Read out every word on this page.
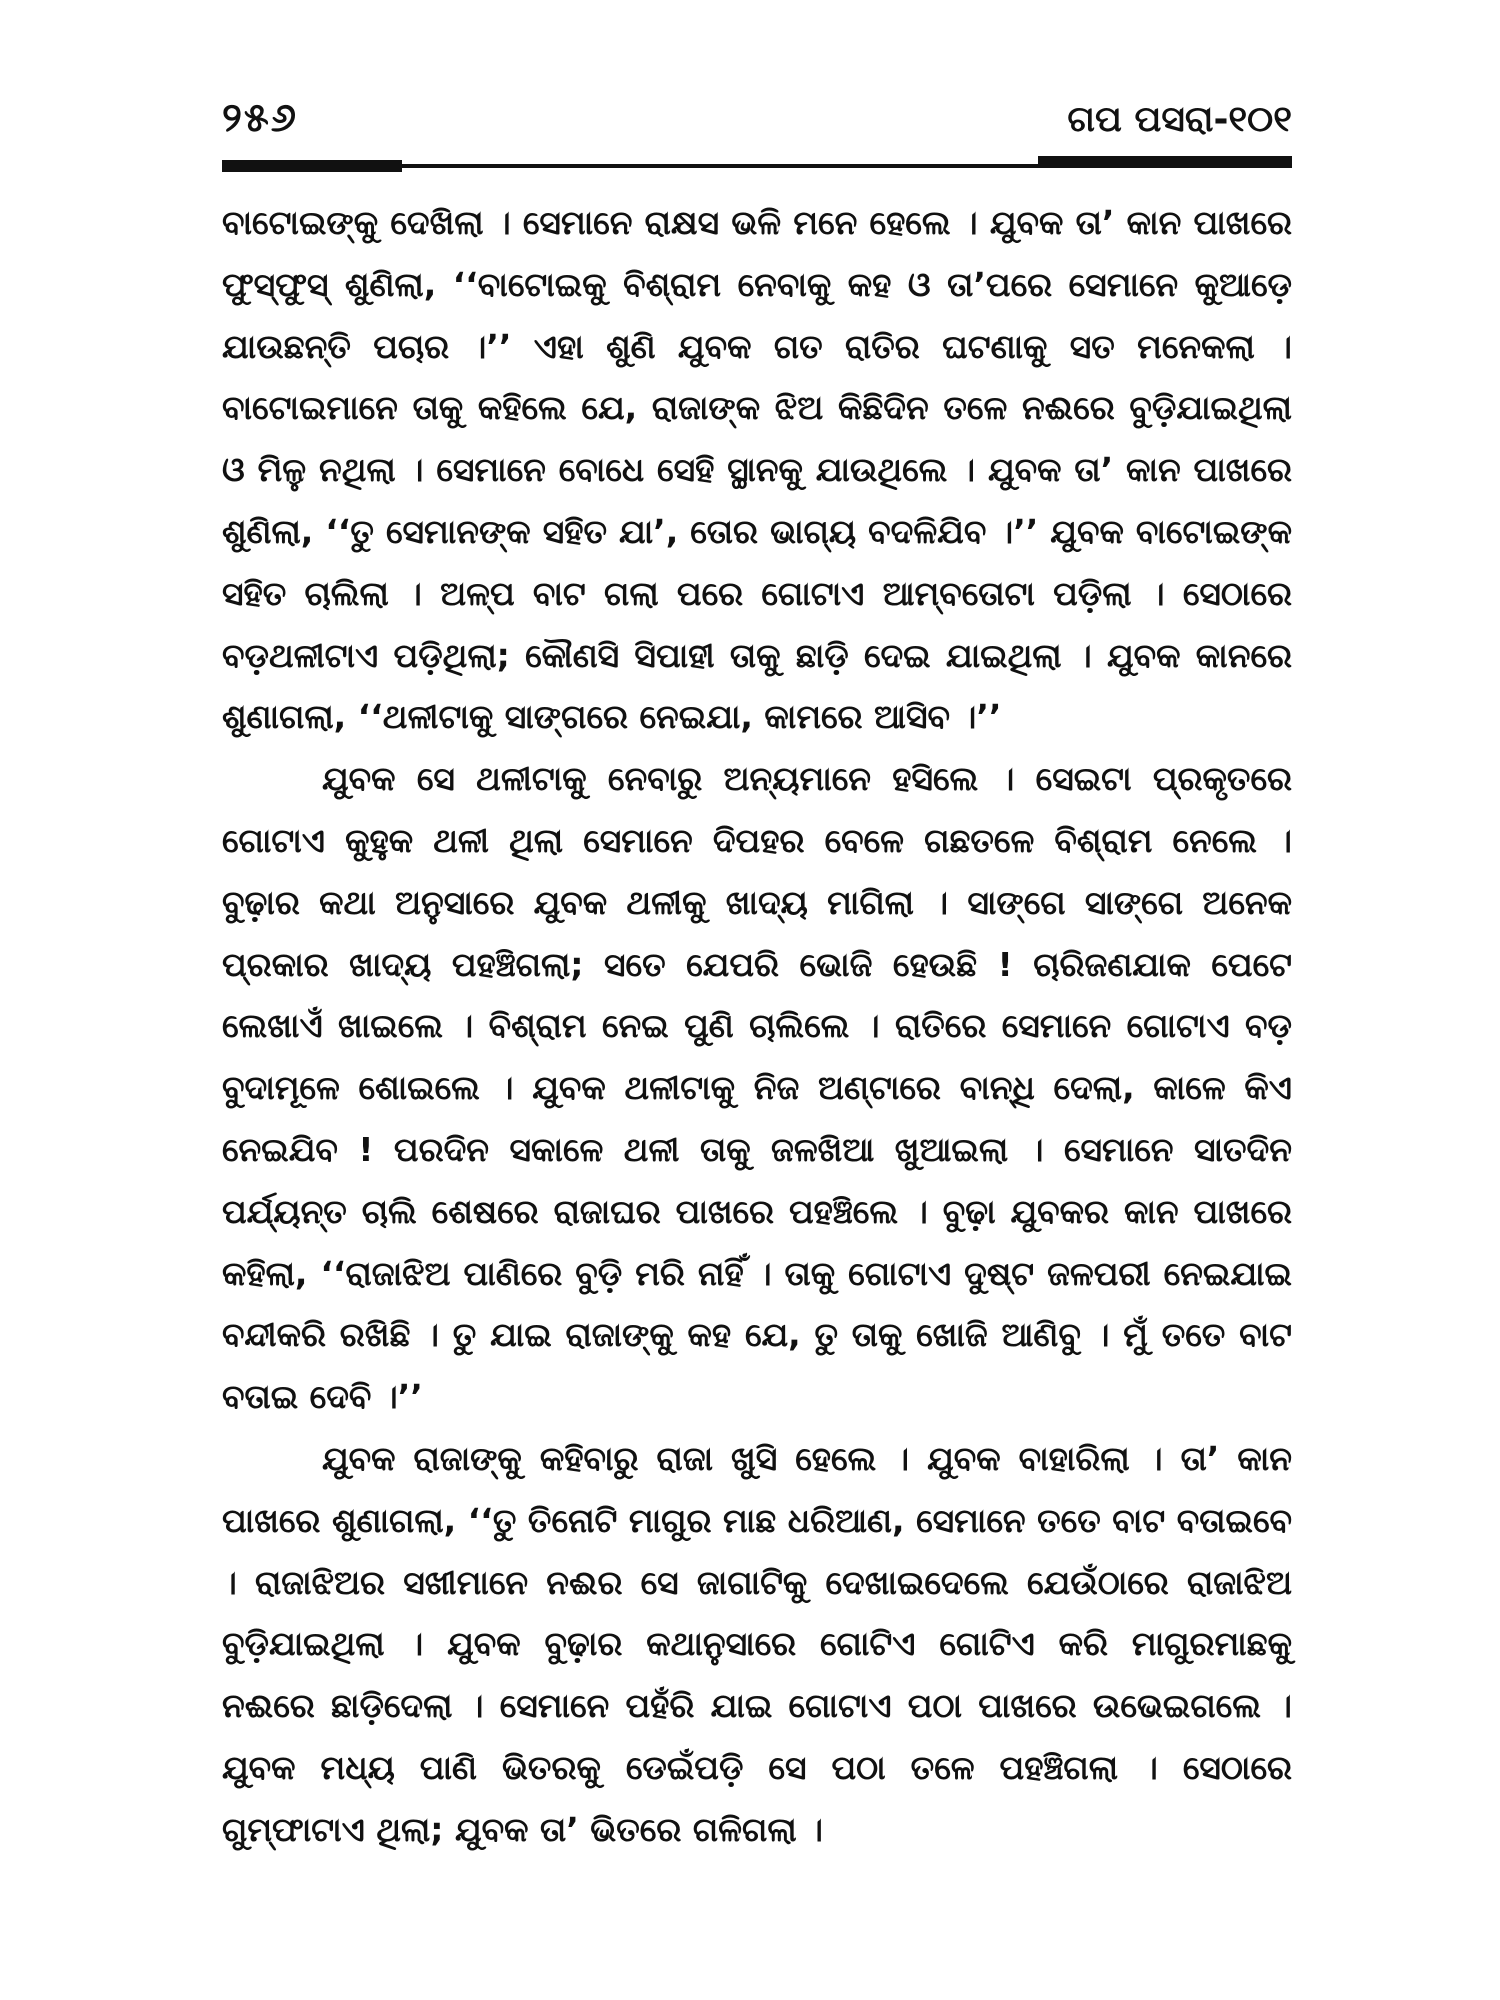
୨୫୬	ଗପ ପସରା-୧୦୧

ବାଟୋଇଙ୍କୁ ଦେଖିଲା । ସେମାନେ ରାକ୍ଷସ ଭଳି ମନେ ହେଲେ । ଯୁବକ ତା’ କାନ ପାଖରେ ଫୁସ୍‌ଫୁସ୍ ଶୁଣିଲା, ‘‘ବାଟୋଇକୁ ବିଶ୍ରାମ ନେବାକୁ କହ ଓ ତା’ପରେ ସେମାନେ କୁଆଡ଼େ ଯାଉଛନ୍ତି ପଚାର ।’’ ଏହା ଶୁଣି ଯୁବକ ଗତ ରାତିର ଘଟଣାକୁ ସତ ମନେକଲା । ବାଟୋଇମାନେ ତାକୁ କହିଲେ ଯେ, ରାଜାଙ୍କ ଝିଅ କିଛିଦିନ ତଳେ ନଈରେ ବୁଡ଼ିଯାଇଥିଲା ଓ ମିଳୁ ନଥିଲା । ସେମାନେ ବୋଧେ ସେହି ସ୍ଥାନକୁ ଯାଉଥିଲେ । ଯୁବକ ତା’ କାନ ପାଖରେ ଶୁଣିଲା, ‘‘ତୁ ସେମାନଙ୍କ ସହିତ ଯା’, ତୋର ଭାଗ୍ୟ ବଦଳିଯିବ ।’’ ଯୁବକ ବାଟୋଇଙ୍କ ସହିତ ଚାଲିଲା । ଅଳ୍ପ ବାଟ ଗଲା ପରେ ଗୋଟାଏ ଆମ୍ବତୋଟା ପଡ଼ିଲା । ସେଠାରେ ବଡ଼ଥଳୀଟାଏ ପଡ଼ିଥିଲା; କୌଣସି ସିପାହୀ ତାକୁ ଛାଡ଼ି ଦେଇ ଯାଇଥିଲା । ଯୁବକ କାନରେ ଶୁଣାଗଲା, ‘‘ଥଳୀଟାକୁ ସାଙ୍ଗରେ ନେଇଯା, କାମରେ ଆସିବ ।’’

ଯୁବକ ସେ ଥଳୀଟାକୁ ନେବାରୁ ଅନ୍ୟମାନେ ହସିଲେ । ସେଇଟା ପ୍ରକୃତରେ ଗୋଟାଏ କୁହୁକ ଥଳୀ ଥିଲା ସେମାନେ ଦିପହର ବେଳେ ଗଛତଳେ ବିଶ୍ରାମ ନେଲେ । ବୁଢ଼ାର କଥା ଅନୁସାରେ ଯୁବକ ଥଳୀକୁ ଖାଦ୍ୟ ମାଗିଲା । ସାଙ୍ଗେ ସାଙ୍ଗେ ଅନେକ ପ୍ରକାର ଖାଦ୍ୟ ପହଞ୍ଚିଗଲା; ସତେ ଯେପରି ଭୋଜି ହେଉଛି ! ଚାରିଜଣଯାକ ପେଟେ ଲେଖାଏଁ ଖାଇଲେ । ବିଶ୍ରାମ ନେଇ ପୁଣି ଚାଲିଲେ । ରାତିରେ ସେମାନେ ଗୋଟାଏ ବଡ଼ ବୁଦାମୂଳେ ଶୋଇଲେ । ଯୁବକ ଥଳୀଟାକୁ ନିଜ ଅଣ୍ଟାରେ ବାନ୍ଧି ଦେଲା, କାଳେ କିଏ ନେଇଯିବ ! ପରଦିନ ସକାଳେ ଥଳୀ ତାକୁ ଜଳଖିଆ ଖୁଆଇଲା । ସେମାନେ ସାତଦିନ ପର୍ଯ୍ୟନ୍ତ ଚାଲି ଶେଷରେ ରାଜାଘର ପାଖରେ ପହଞ୍ଚିଲେ । ବୁଢ଼ା ଯୁବକର କାନ ପାଖରେ କହିଲା, ‘‘ରାଜାଝିଅ ପାଣିରେ ବୁଡ଼ି ମରି ନାହିଁ । ତାକୁ ଗୋଟାଏ ଦୁଷ୍ଟ ଜଳପରୀ ନେଇଯାଇ ବନ୍ଦୀକରି ରଖିଛି । ତୁ ଯାଇ ରାଜାଙ୍କୁ କହ ଯେ, ତୁ ତାକୁ ଖୋଜି ଆଣିବୁ । ମୁଁ ତତେ ବାଟ ବତାଇ ଦେବି ।’’

ଯୁବକ ରାଜାଙ୍କୁ କହିବାରୁ ରାଜା ଖୁସି ହେଲେ । ଯୁବକ ବାହାରିଲା । ତା’ କାନ ପାଖରେ ଶୁଣାଗଲା, ‘‘ତୁ ତିନୋଟି ମାଗୁର ମାଛ ଧରିଆଣ, ସେମାନେ ତତେ ବାଟ ବତାଇବେ । ରାଜାଝିଅର ସଖୀମାନେ ନଈର ସେ ଜାଗାଟିକୁ ଦେଖାଇଦେଲେ ଯେଉଁଠାରେ ରାଜାଝିଅ ବୁଡ଼ିଯାଇଥିଲା । ଯୁବକ ବୁଢ଼ାର କଥାନୁସାରେ ଗୋଟିଏ ଗୋଟିଏ କରି ମାଗୁରମାଛକୁ ନଈରେ ଛାଡ଼ିଦେଲା । ସେମାନେ ପହଁରି ଯାଇ ଗୋଟାଏ ପଠା ପାଖରେ ଉଭେଇଗଲେ । ଯୁବକ ମଧ୍ୟ ପାଣି ଭିତରକୁ ଡେଇଁପଡ଼ି ସେ ପଠା ତଳେ ପହଞ୍ଚିଗଲା । ସେଠାରେ ଗୁମ୍ଫାଟାଏ ଥିଲା; ଯୁବକ ତା’ ଭିତରେ ଗଳିଗଲା ।
